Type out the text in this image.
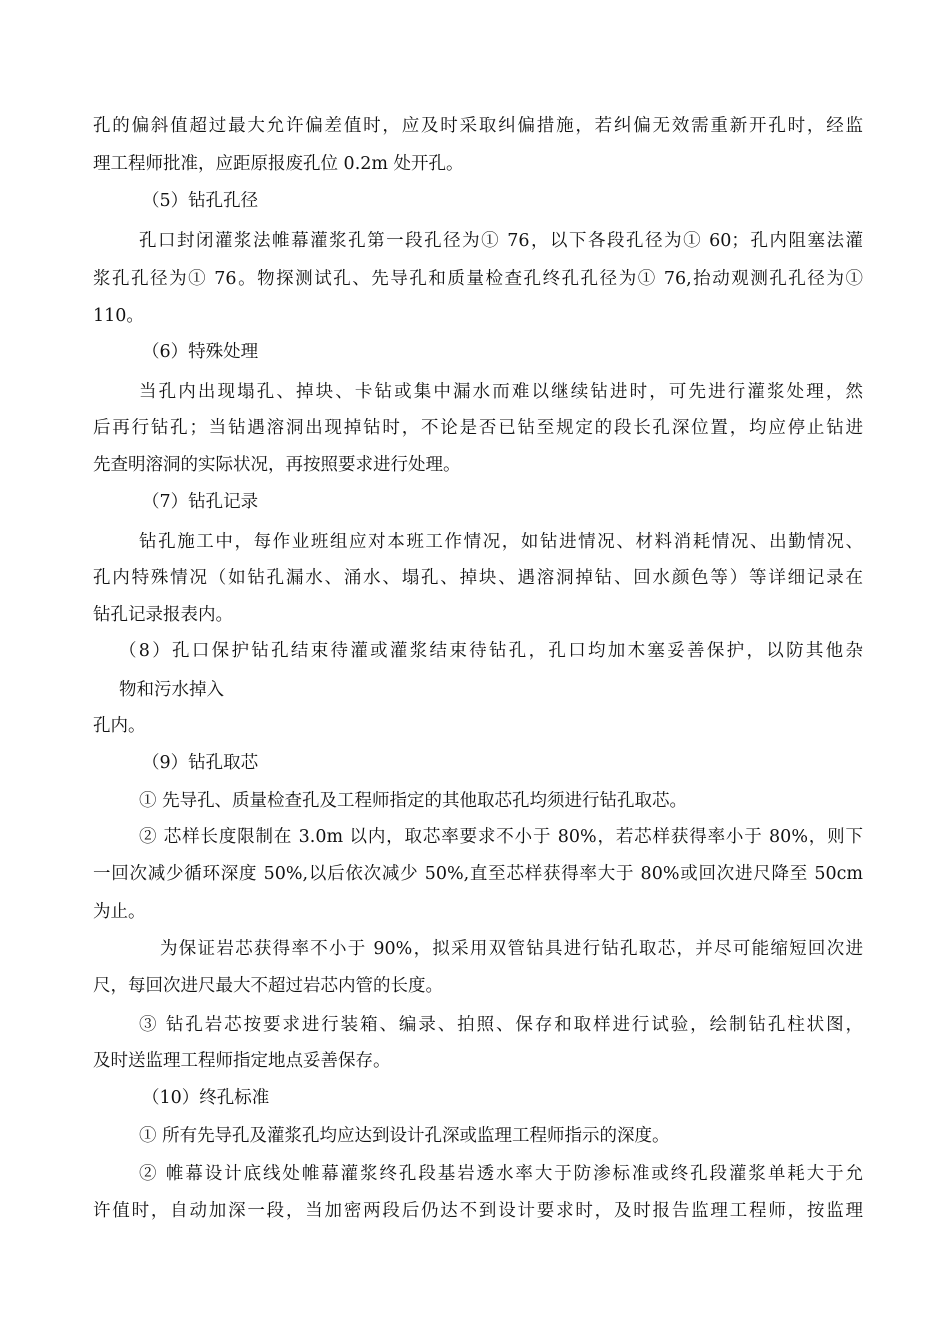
孔的偏斜值超过最大允许偏差值时，应及时采取纠偏措施，若纠偏无效需重新开孔时，经监
理工程师批准，应距原报废孔位 0.2m 处开孔。
（5）钻孔孔径
孔口封闭灌浆法帷幕灌浆孔第一段孔径为① 76，以下各段孔径为① 60；孔内阻塞法灌
浆孔孔径为① 76。物探测试孔、先导孔和质量检查孔终孔孔径为① 76,抬动观测孔孔径为①
110。
（6）特殊处理
当孔内出现塌孔、掉块、卡钻或集中漏水而难以继续钻进时，可先进行灌浆处理，然
后再行钻孔；当钻遇溶洞出现掉钻时，不论是否已钻至规定的段长孔深位置，均应停止钻进
先查明溶洞的实际状况，再按照要求进行处理。
（7）钻孔记录
钻孔施工中，每作业班组应对本班工作情况，如钻进情况、材料消耗情况、出勤情况、
孔内特殊情况（如钻孔漏水、涌水、塌孔、掉块、遇溶洞掉钻、回水颜色等）等详细记录在
钻孔记录报表内。
（8）孔口保护钻孔结束待灌或灌浆结束待钻孔，孔口均加木塞妥善保护，以防其他杂
物和污水掉入
孔内。
（9）钻孔取芯
① 先导孔、质量检查孔及工程师指定的其他取芯孔均须进行钻孔取芯。
② 芯样长度限制在 3.0m 以内，取芯率要求不小于 80%，若芯样获得率小于 80%，则下
一回次减少循环深度 50%,以后依次减少 50%,直至芯样获得率大于 80%或回次进尺降至 50cm
为止。
为保证岩芯获得率不小于 90%，拟采用双管钻具进行钻孔取芯，并尽可能缩短回次进
尺，每回次进尺最大不超过岩芯内管的长度。
③ 钻孔岩芯按要求进行装箱、编录、拍照、保存和取样进行试验，绘制钻孔柱状图，
及时送监理工程师指定地点妥善保存。
（10）终孔标准
① 所有先导孔及灌浆孔均应达到设计孔深或监理工程师指示的深度。
② 帷幕设计底线处帷幕灌浆终孔段基岩透水率大于防渗标准或终孔段灌浆单耗大于允
许值时，自动加深一段，当加密两段后仍达不到设计要求时，及时报告监理工程师，按监理
